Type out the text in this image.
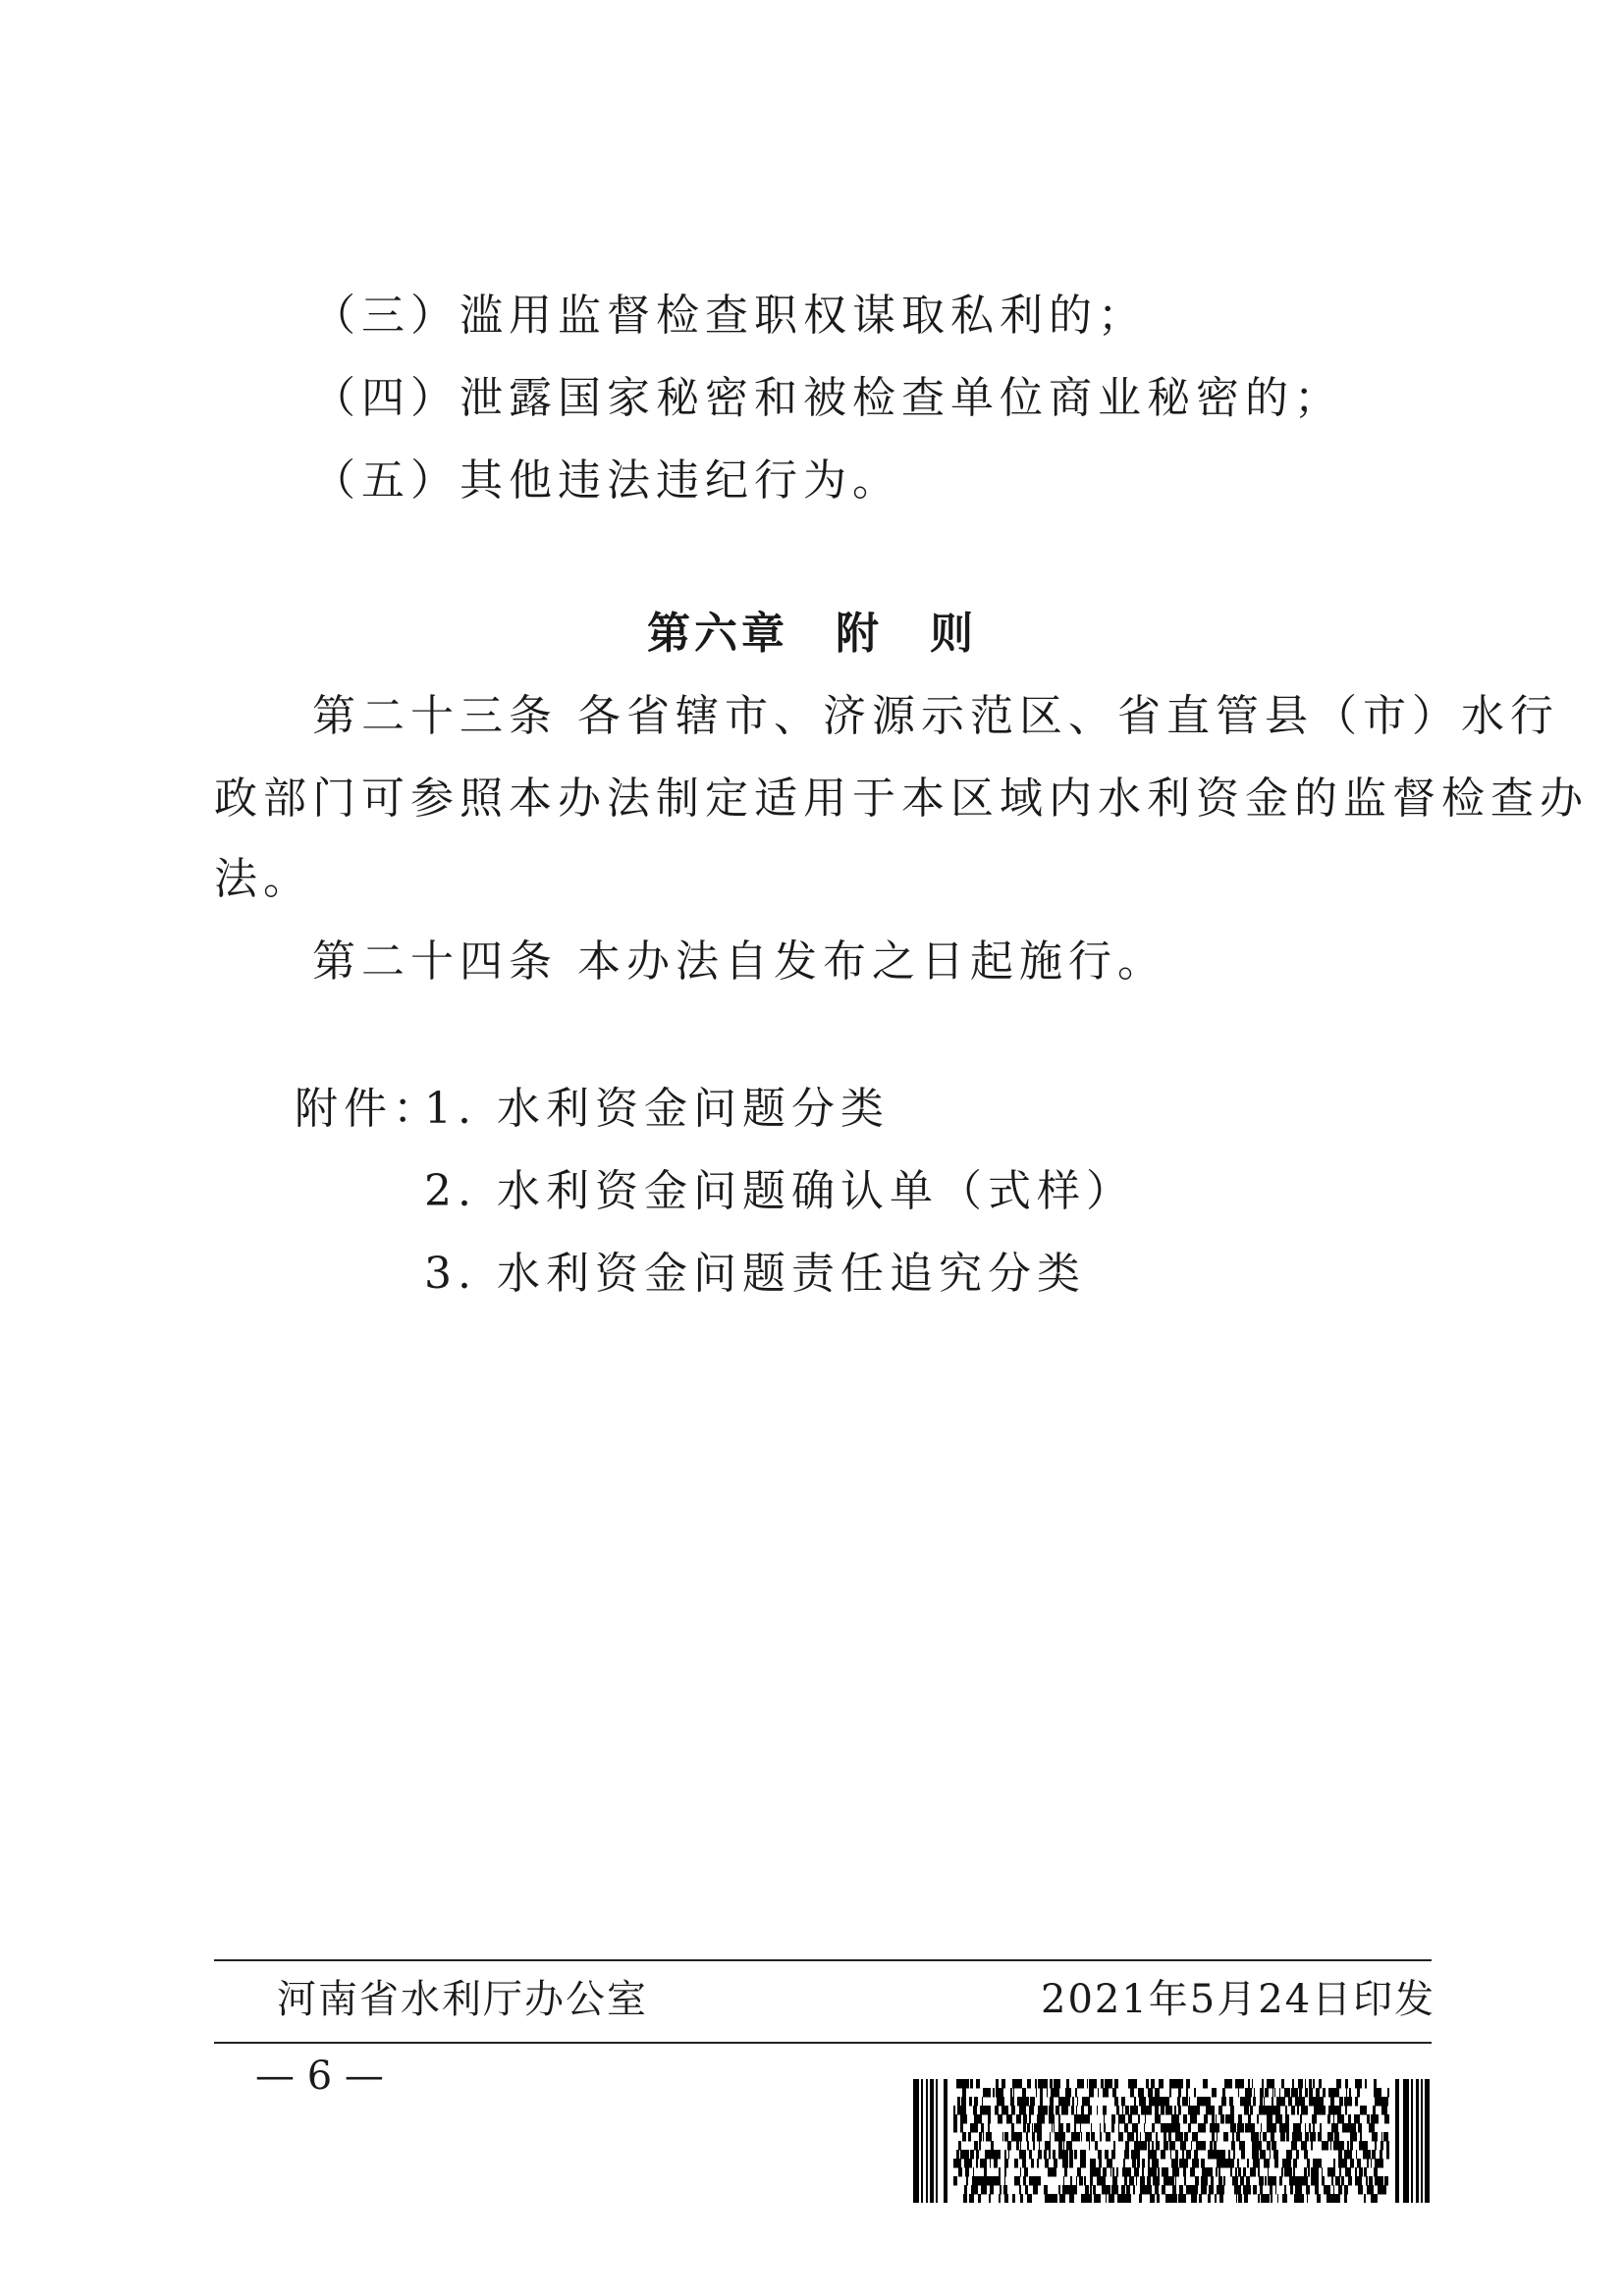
（三）滥用监督检查职权谋取私利的；
（四）泄露国家秘密和被检查单位商业秘密的；
（五）其他违法违纪行为。
第六章　附　则
第二十三条 各省辖市、济源示范区、省直管县（市）水行
政部门可参照本办法制定适用于本区域内水利资金的监督检查办
法。
第二十四条 本办法自发布之日起施行。
附件：
1. 水利资金问题分类
2. 水利资金问题确认单（式样）
3. 水利资金问题责任追究分类
河南省水利厅办公室	2021年5月24日印发
— 6 —
